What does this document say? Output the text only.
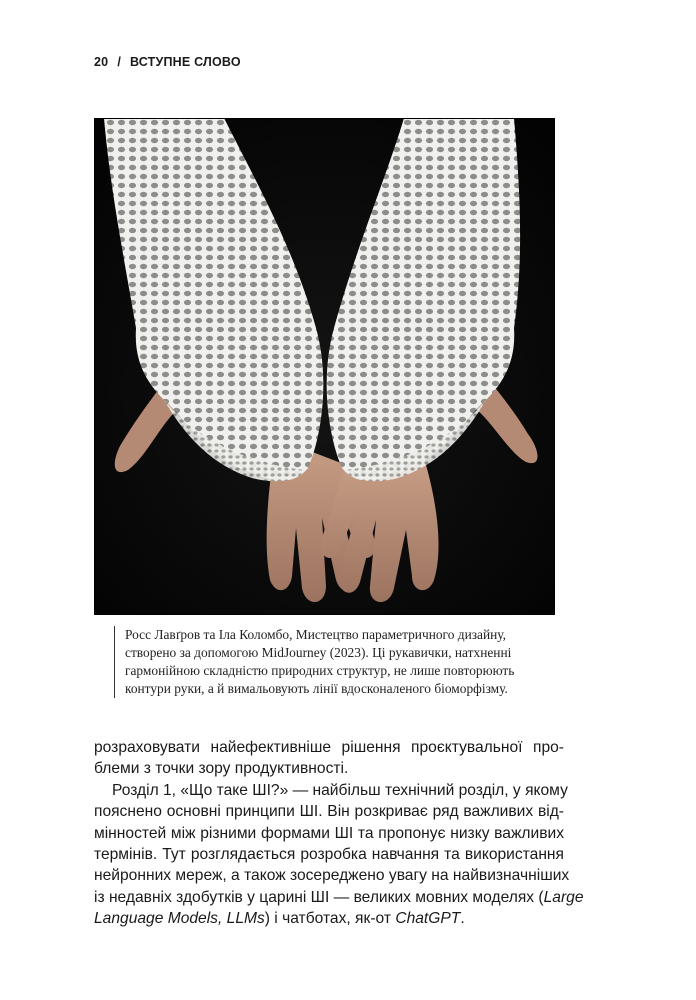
20 / ВСТУПНЕ СЛОВО
Росс Лавґров та Іла Коломбо, Мистецтво параметричного дизайну,
створено за допомогою MidJourney (2023). Ці рукавички, натхненні
гармонійною складністю природних структур, не лише повторюють
контури руки, а й вимальовують лінії вдосконаленого біоморфізму.
розраховувати найефективніше рішення проєктувальної про-
блеми з точки зору продуктивності.
Розділ 1, «Що таке ШІ?» — найбільш технічний розділ, у якому
пояснено основні принципи ШІ. Він розкриває ряд важливих від-
мінностей між різними формами ШІ та пропонує низку важливих
термінів. Тут розглядається розробка навчання та використання
нейронних мереж, а також зосереджено увагу на найвизначніших
із недавніх здобутків у царині ШІ — великих мовних моделях (Large
Language Models, LLMs) і чатботах, як-от ChatGPT.
